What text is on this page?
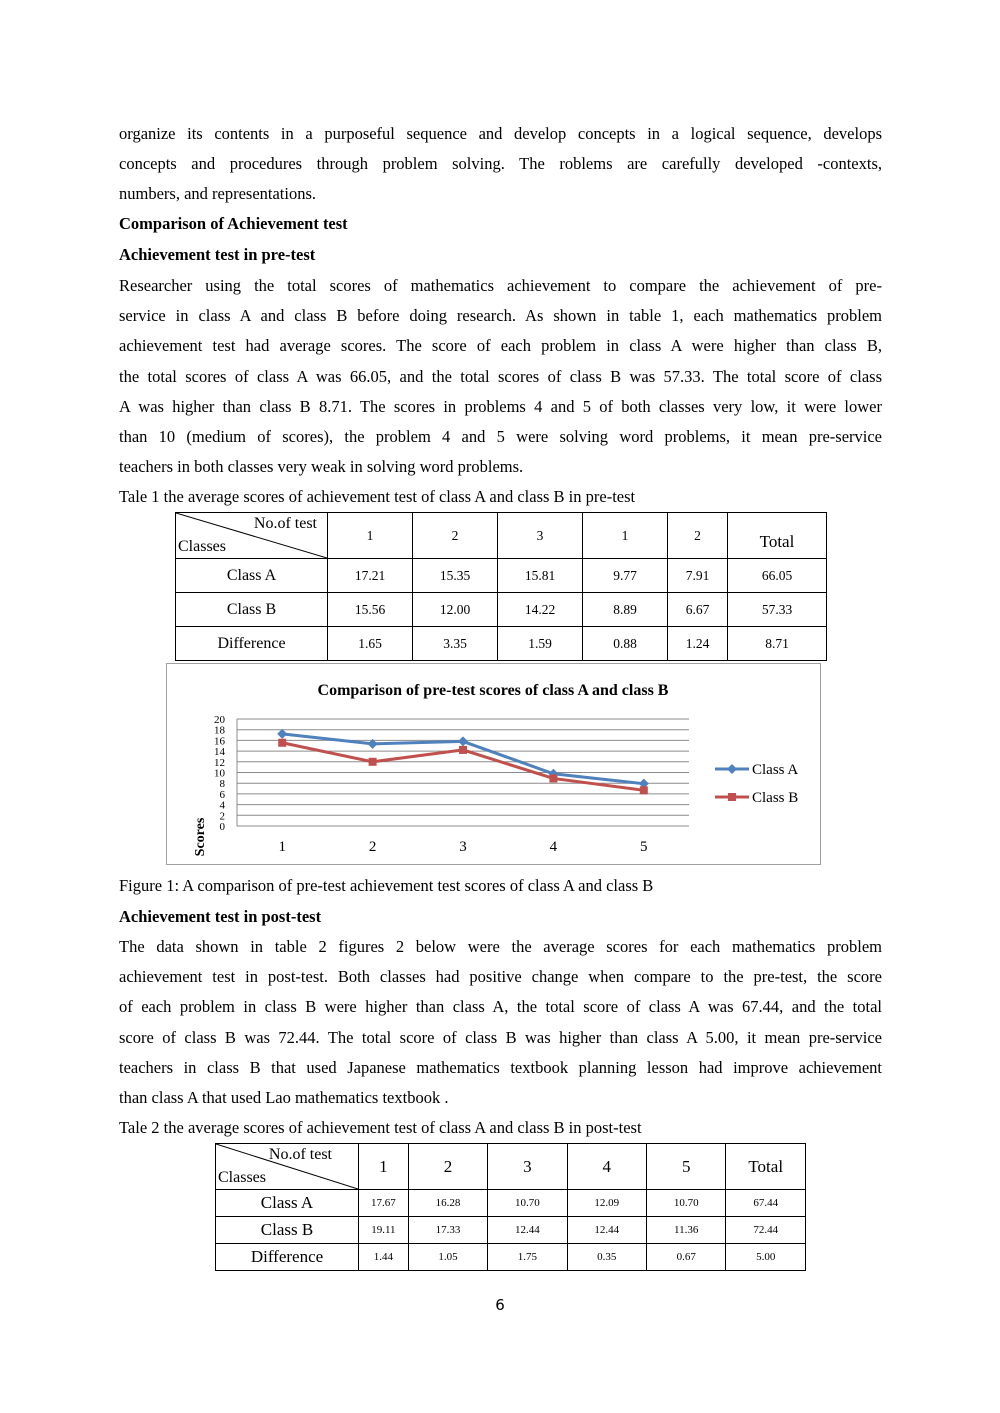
organize its contents in a purposeful sequence and develop concepts in a logical sequence, develops
concepts and procedures through problem solving. The roblems are carefully developed -contexts,
numbers, and representations.
Comparison of Achievement test
Achievement test in pre-test
Researcher using the total scores of mathematics achievement to compare the achievement of pre-
service in class A and class B before doing research. As shown in table 1, each mathematics problem
achievement test had average scores. The score of each problem in class A were higher than class B,
the total scores of class A was 66.05, and the total scores of class B was 57.33. The total score of class
A was higher than class B 8.71. The scores in problems 4 and 5 of both classes very low, it were lower
than 10 (medium of scores), the problem 4 and 5 were solving word problems, it mean pre-service
teachers in both classes very weak in solving word problems.
Tale 1 the average scores of achievement test of class A and class B in pre-test
No.of test
Classes	1	2	3	1	2	Total
Class A	17.21	15.35	15.81	9.77	7.91	66.05
Class B	15.56	12.00	14.22	8.89	6.67	57.33
Difference	1.65	3.35	1.59	0.88	1.24	8.71
Comparison of pre-test scores of class A and class B
Scores 0
2
4
6
8
10
12
14
16
18
20
1	2	3	4	5
Class A
Class B
Figure 1: A comparison of pre-test achievement test scores of class A and class B
Achievement test in post-test
The data shown in table 2 figures 2 below were the average scores for each mathematics problem
achievement test in post-test. Both classes had positive change when compare to the pre-test, the score
of each problem in class B were higher than class A, the total score of class A was 67.44, and the total
score of class B was 72.44. The total score of class B was higher than class A 5.00, it mean pre-service
teachers in class B that used Japanese mathematics textbook planning lesson had improve achievement
than class A that used Lao mathematics textbook .
Tale 2 the average scores of achievement test of class A and class B in post-test
No.of test
Classes	1	2	3	4	5	Total
Class A	17.67	16.28	10.70	12.09	10.70	67.44
Class B	19.11	17.33	12.44	12.44	11.36	72.44
Difference	1.44	1.05	1.75	0.35	0.67	5.00
6
